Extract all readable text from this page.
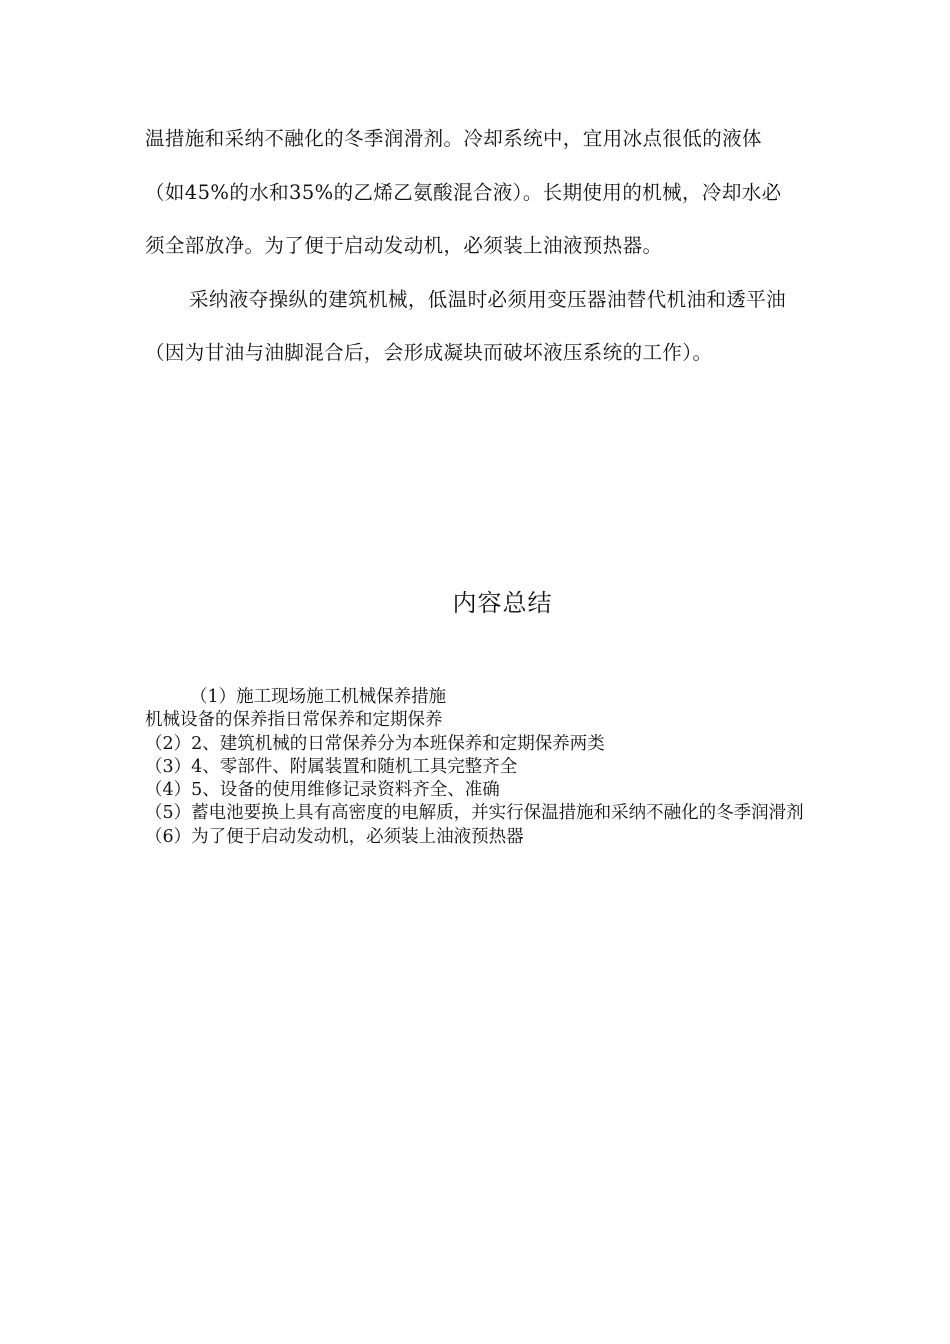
温措施和采纳不融化的冬季润滑剂。冷却系统中，宜用冰点很低的液体（如45%的水和35%的乙烯乙氨酸混合液）。长期使用的机械，冷却水必须全部放净。为了便于启动发动机，必须装上油液预热器。

采纳液夺操纵的建筑机械，低温时必须用变压器油替代机油和透平油（因为甘油与油脚混合后，会形成凝块而破坏液压系统的工作）。

内容总结

（1）施工现场施工机械保养措施

机械设备的保养指日常保养和定期保养

（2）2、建筑机械的日常保养分为本班保养和定期保养两类

（3）4、零部件、附属装置和随机工具完整齐全

（4）5、设备的使用维修记录资料齐全、准确

（5）蓄电池要换上具有高密度的电解质，并实行保温措施和采纳不融化的冬季润滑剂

（6）为了便于启动发动机，必须装上油液预热器
